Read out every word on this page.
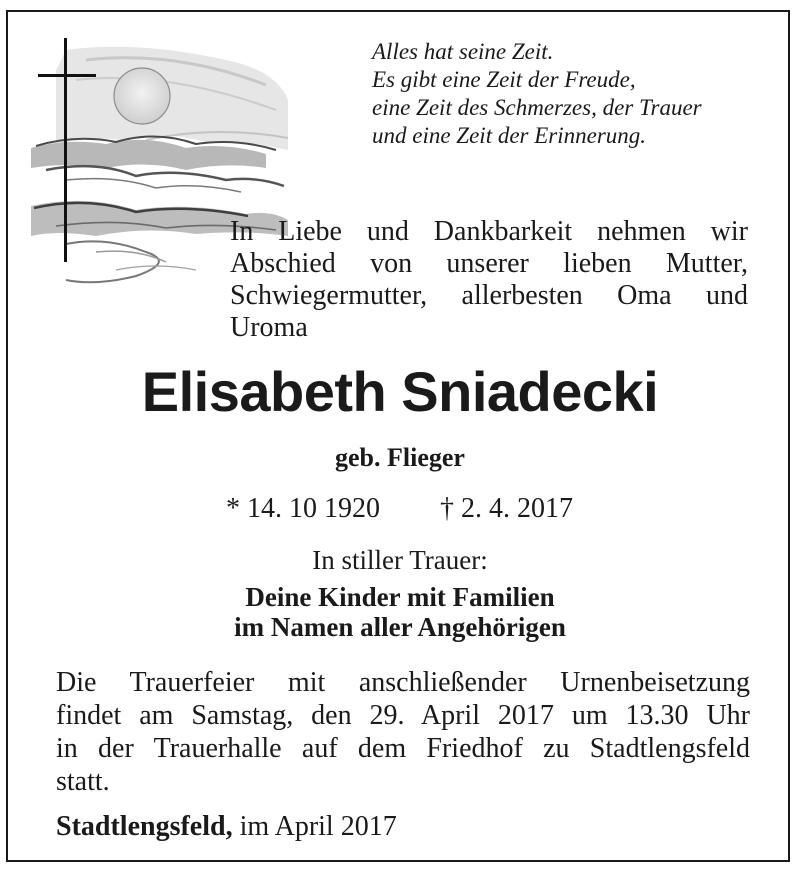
Alles hat seine Zeit.
Es gibt eine Zeit der Freude,
eine Zeit des Schmerzes, der Trauer
und eine Zeit der Erinnerung.
In Liebe und Dankbarkeit nehmen wir
Abschied von unserer lieben Mutter,
Schwiegermutter, allerbesten Oma und
Uroma
Elisabeth Sniadecki
geb. Flieger
* 14. 10 1920 † 2. 4. 2017
In stiller Trauer:
Deine Kinder mit Familien
im Namen aller Angehörigen
Die Trauerfeier mit anschließender Urnenbeisetzung
findet am Samstag, den 29. April 2017 um 13.30 Uhr
in der Trauerhalle auf dem Friedhof zu Stadtlengsfeld
statt.
Stadtlengsfeld, im April 2017
